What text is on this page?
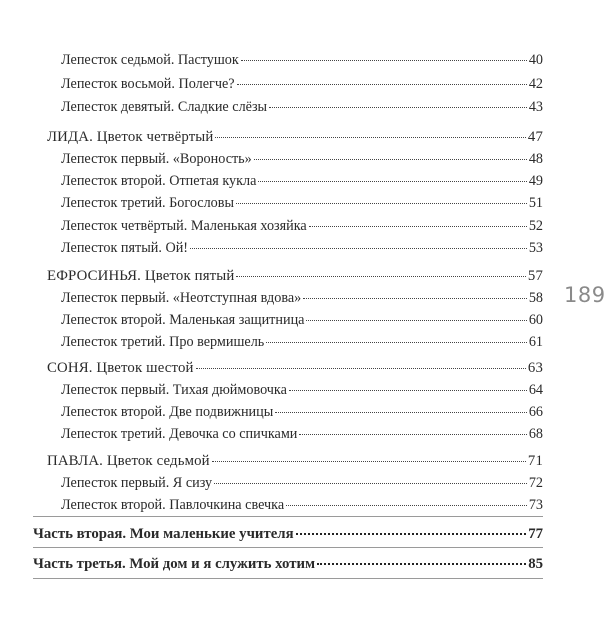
189
Лепесток седьмой. Пастушок	40
Лепесток восьмой. Полегче?	42
Лепесток девятый. Сладкие слёзы	43
ЛИДА. Цветок четвёртый	47
Лепесток первый. «Вороность»	48
Лепесток второй. Отпетая кукла	49
Лепесток третий. Богословы	51
Лепесток четвёртый. Маленькая хозяйка	52
Лепесток пятый. Ой!	53
ЕФРОСИНЬЯ. Цветок пятый	57
Лепесток первый. «Неотступная вдова»	58
Лепесток второй. Маленькая защитница	60
Лепесток третий. Про вермишель	61
СОНЯ. Цветок шестой	63
Лепесток первый. Тихая дюймовочка	64
Лепесток второй. Две подвижницы	66
Лепесток третий. Девочка со спичками	68
ПАВЛА. Цветок седьмой	71
Лепесток первый. Я сизу	72
Лепесток второй. Павлочкина свечка	73
Часть вторая. Мои маленькие учителя	77
Часть третья. Мой дом и я служить хотим	85
